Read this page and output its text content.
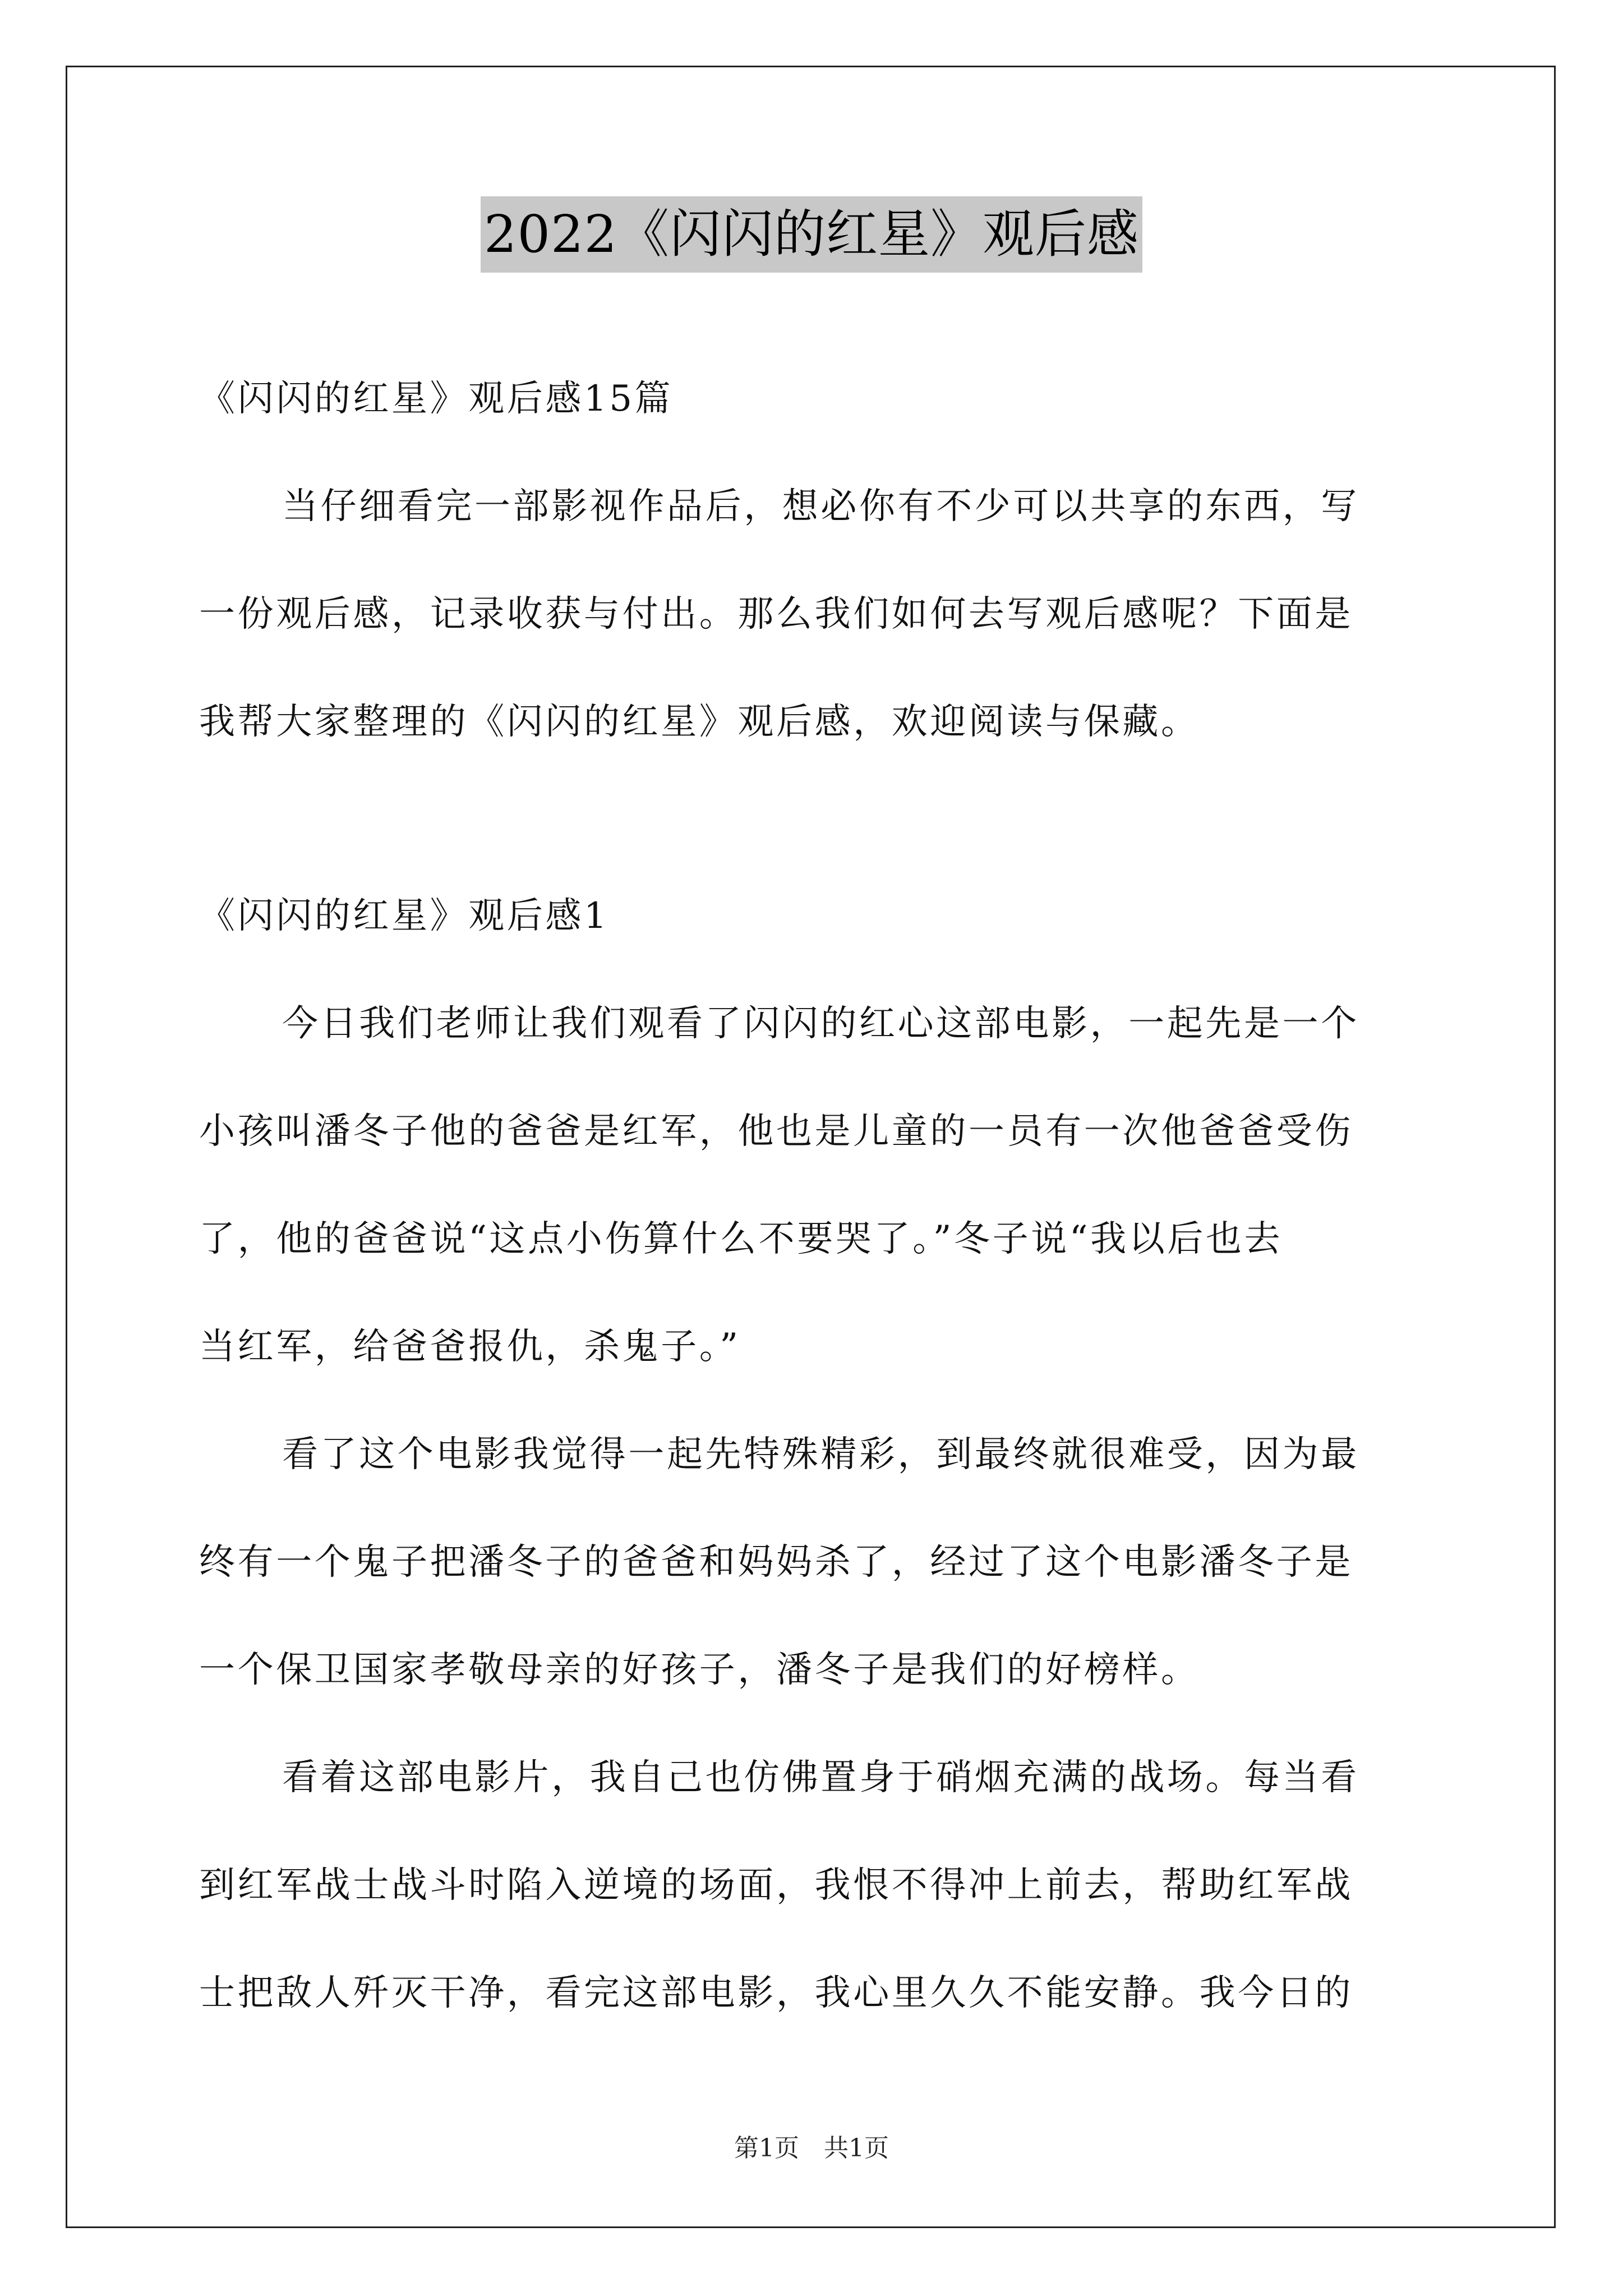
2022《闪闪的红星》观后感
《闪闪的红星》观后感15篇
当仔细看完一部影视作品后，想必你有不少可以共享的东西，写
一份观后感，记录收获与付出。那么我们如何去写观后感呢？下面是
我帮大家整理的《闪闪的红星》观后感，欢迎阅读与保藏。
《闪闪的红星》观后感1
今日我们老师让我们观看了闪闪的红心这部电影，一起先是一个
小孩叫潘冬子他的爸爸是红军，他也是儿童的一员有一次他爸爸受伤
了，他的爸爸说“这点小伤算什么不要哭了。”冬子说“我以后也去
当红军，给爸爸报仇，杀鬼子。”
看了这个电影我觉得一起先特殊精彩，到最终就很难受，因为最
终有一个鬼子把潘冬子的爸爸和妈妈杀了，经过了这个电影潘冬子是
一个保卫国家孝敬母亲的好孩子，潘冬子是我们的好榜样。
看着这部电影片，我自己也仿佛置身于硝烟充满的战场。每当看
到红军战士战斗时陷入逆境的场面，我恨不得冲上前去，帮助红军战
士把敌人歼灭干净，看完这部电影，我心里久久不能安静。我今日的
第1页 共1页
